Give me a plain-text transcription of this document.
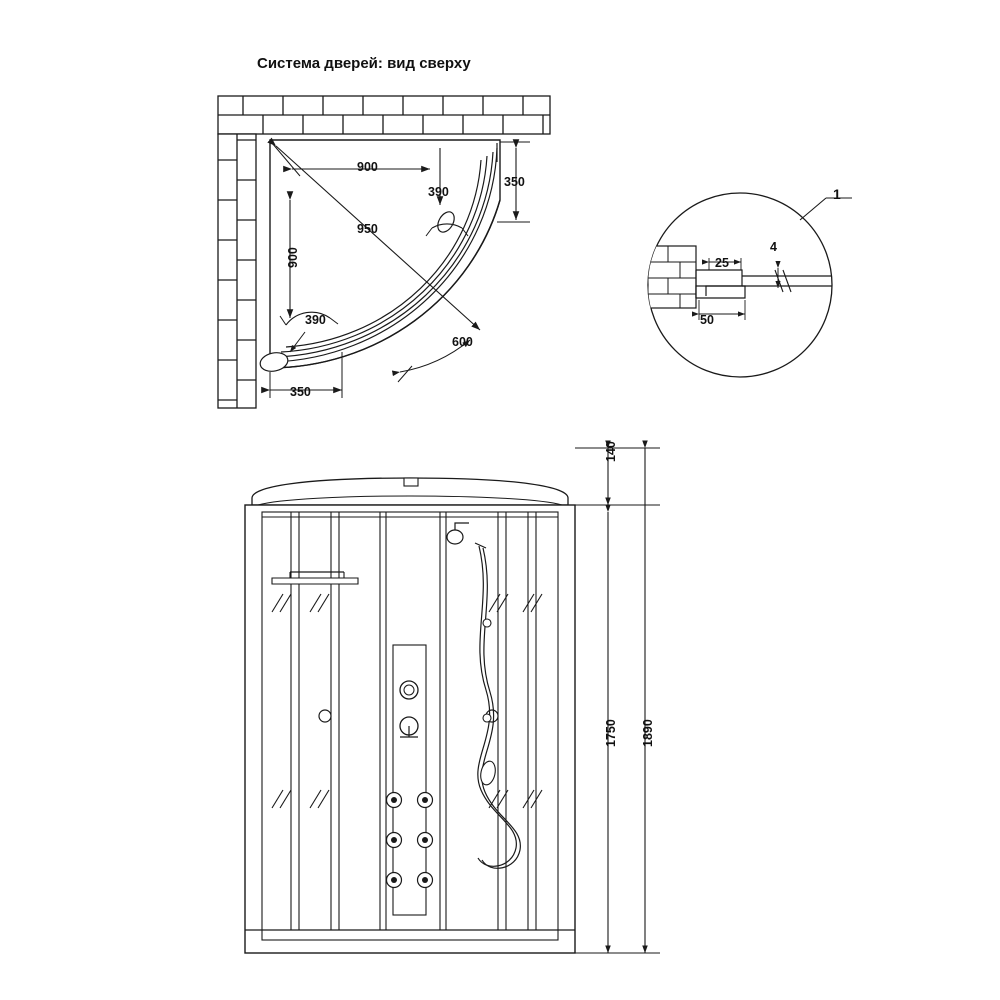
Система дверей: вид сверху
900
950
900
390
350
390
350
600
25
4
50
1
140
1750 1890
